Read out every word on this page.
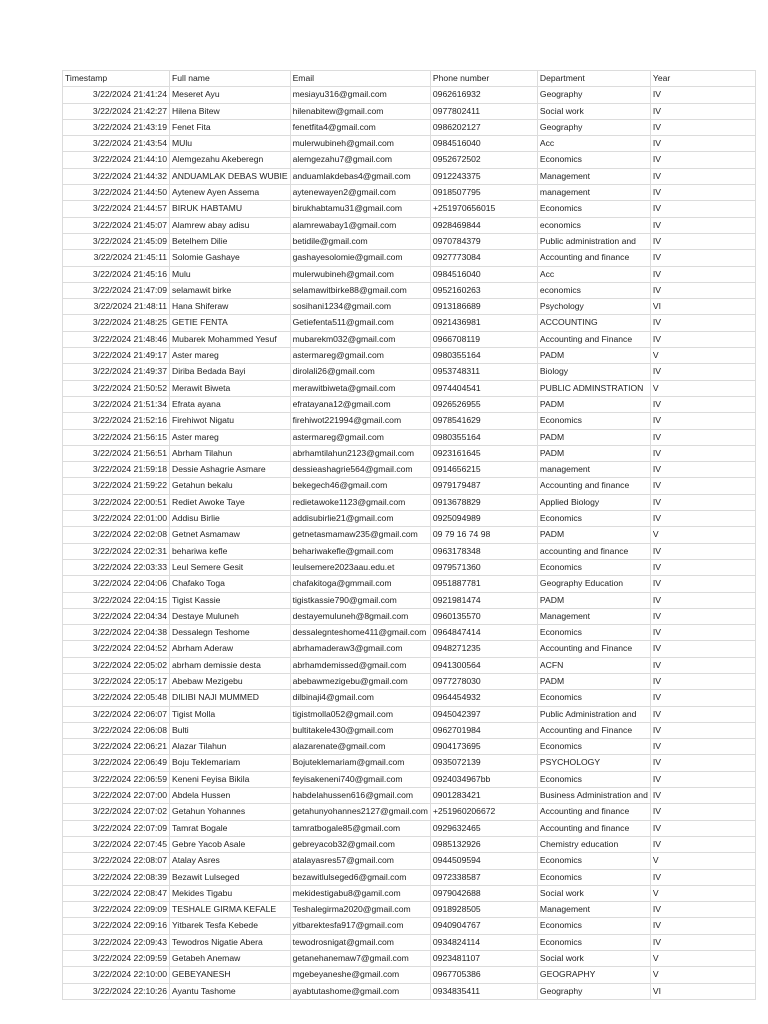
Timestamp	Full name	Email	Phone number	Department	Year
3/22/2024 21:41:24	Meseret Ayu	mesiayu316@gmail.com	0962616932	Geography	IV
3/22/2024 21:42:27	Hilena Bitew	hilenabitew@gmail.com	0977802411	Social work	IV
3/22/2024 21:43:19	Fenet Fita	fenetfita4@gmail.com	0986202127	Geography	IV
3/22/2024 21:43:54	MUlu	mulerwubineh@gmail.com	0984516040	Acc	IV
3/22/2024 21:44:10	Alemgezahu Akeberegn	alemgezahu7@gmail.com	0952672502	Economics	IV
3/22/2024 21:44:32	ANDUAMLAK DEBAS WUBIE	anduamlakdebas4@gmail.com	0912243375	Management	IV
3/22/2024 21:44:50	Aytenew Ayen Assema	aytenewayen2@gmail.com	0918507795	management	IV
3/22/2024 21:44:57	BIRUK HABTAMU	birukhabtamu31@gmail.com	+251970656015	Economics	IV
3/22/2024 21:45:07	Alamrew abay adisu	alamrewabay1@gmail.com	0928469844	economics	IV
3/22/2024 21:45:09	Betelhem Dilie	betidile@gmail.com	0970784379	Public administration and	IV
3/22/2024 21:45:11	Solomie Gashaye	gashayesolomie@gmail.com	0927773084	Accounting and finance	IV
3/22/2024 21:45:16	Mulu	mulerwubineh@gmail.com	0984516040	Acc	IV
3/22/2024 21:47:09	selamawit birke	selamawitbirke88@gmail.com	0952160263	economics	IV
3/22/2024 21:48:11	Hana Shiferaw	sosihani1234@gmail.com	0913186689	Psychology	VI
3/22/2024 21:48:25	GETIE FENTA	Getiefenta511@gmail.com	0921436981	ACCOUNTING	IV
3/22/2024 21:48:46	Mubarek Mohammed Yesuf	mubarekm032@gmail.com	0966708119	Accounting and Finance	IV
3/22/2024 21:49:17	Aster mareg	astermareg@gmail.com	0980355164	PADM	V
3/22/2024 21:49:37	Diriba Bedada Bayi	dirolali26@gmail.com	0953748311	Biology	IV
3/22/2024 21:50:52	Merawit Biweta	merawitbiweta@gmail.com	0974404541	PUBLIC ADMINSTRATION	V
3/22/2024 21:51:34	Efrata ayana	efratayana12@gmail.com	0926526955	PADM	IV
3/22/2024 21:52:16	Firehiwot Nigatu	firehiwot221994@gmail.com	0978541629	Economics	IV
3/22/2024 21:56:15	Aster mareg	astermareg@gmail.com	0980355164	PADM	IV
3/22/2024 21:56:51	Abrham Tilahun	abrhamtilahun2123@gmail.com	0923161645	PADM	IV
3/22/2024 21:59:18	Dessie Ashagrie Asmare	dessieashagrie564@gmail.com	0914656215	management	IV
3/22/2024 21:59:22	Getahun bekalu	bekegech46@gmail.com	0979179487	Accounting and finance	IV
3/22/2024 22:00:51	Rediet Awoke Taye	redietawoke1123@gmail.com	0913678829	Applied Biology	IV
3/22/2024 22:01:00	Addisu Birlie	addisubirlie21@gmail.com	0925094989	Economics	IV
3/22/2024 22:02:08	Getnet Asmamaw	getnetasmamaw235@gmail.com	09 79 16 74 98	PADM	V
3/22/2024 22:02:31	behariwa kefle	behariwakefle@gmail.com	0963178348	accounting and finance	IV
3/22/2024 22:03:33	Leul Semere Gesit	leulsemere2023aau.edu.et	0979571360	Economics	IV
3/22/2024 22:04:06	Chafako Toga	chafakitoga@gmmail.com	0951887781	Geography Education	IV
3/22/2024 22:04:15	Tigist Kassie	tigistkassie790@gmail.com	0921981474	PADM	IV
3/22/2024 22:04:34	Destaye Muluneh	destayemuluneh@8gmail.com	0960135570	Management	IV
3/22/2024 22:04:38	Dessalegn Teshome	dessalegnteshome411@gmail.com	0964847414	Economics	IV
3/22/2024 22:04:52	Abrham Aderaw	abrhamaderaw3@gmail.com	0948271235	Accounting and Finance	IV
3/22/2024 22:05:02	abrham demissie desta	abrhamdemissed@gmail.com	0941300564	ACFN	IV
3/22/2024 22:05:17	Abebaw Mezigebu	abebawmezigebu@gmail.com	0977278030	PADM	IV
3/22/2024 22:05:48	DILIBI NAJI MUMMED	dilbinaji4@gmail.com	0964454932	Economics	IV
3/22/2024 22:06:07	Tigist Molla	tigistmolla052@gmail.com	0945042397	Public Administration and	IV
3/22/2024 22:06:08	Bulti	bultitakele430@gmail.com	0962701984	Accounting and Finance	IV
3/22/2024 22:06:21	Alazar Tilahun	alazarenate@gmail.com	0904173695	Economics	IV
3/22/2024 22:06:49	Boju Teklemariam	Bojuteklemariam@gmail.com	0935072139	PSYCHOLOGY	IV
3/22/2024 22:06:59	Keneni Feyisa Bikila	feyisakeneni740@gmail.com	0924034967bb	Economics	IV
3/22/2024 22:07:00	Abdela Hussen	habdelahussen616@gmail.com	0901283421	Business Administration and	IV
3/22/2024 22:07:02	Getahun Yohannes	getahunyohannes2127@gmail.com	+251960206672	Accounting and finance	IV
3/22/2024 22:07:09	Tamrat Bogale	tamratbogale85@gmail.com	0929632465	Accounting and finance	IV
3/22/2024 22:07:45	Gebre Yacob Asale	gebreyacob32@gmail.com	0985132926	Chemistry education	IV
3/22/2024 22:08:07	Atalay Asres	atalayasres57@gmail.com	0944509594	Economics	V
3/22/2024 22:08:39	Bezawit Lulseged	bezawitlulseged6@gmail.com	0972338587	Economics	IV
3/22/2024 22:08:47	Mekides Tigabu	mekidestigabu8@gamil.com	0979042688	Social work	V
3/22/2024 22:09:09	TESHALE GIRMA KEFALE	Teshalegirma2020@gmail.com	0918928505	Management	IV
3/22/2024 22:09:16	Yitbarek Tesfa Kebede	yitbarektesfa917@gmail.com	0940904767	Economics	IV
3/22/2024 22:09:43	Tewodros Nigatie Abera	tewodrosnigat@gmail.com	0934824114	Economics	IV
3/22/2024 22:09:59	Getabeh Anemaw	getanehanemaw7@gmail.com	0923481107	Social work	V
3/22/2024 22:10:00	GEBEYANESH	mgebeyaneshe@gmail.com	0967705386	GEOGRAPHY	V
3/22/2024 22:10:26	Ayantu Tashome	ayabtutashome@gmail.com	0934835411	Geography	VI
